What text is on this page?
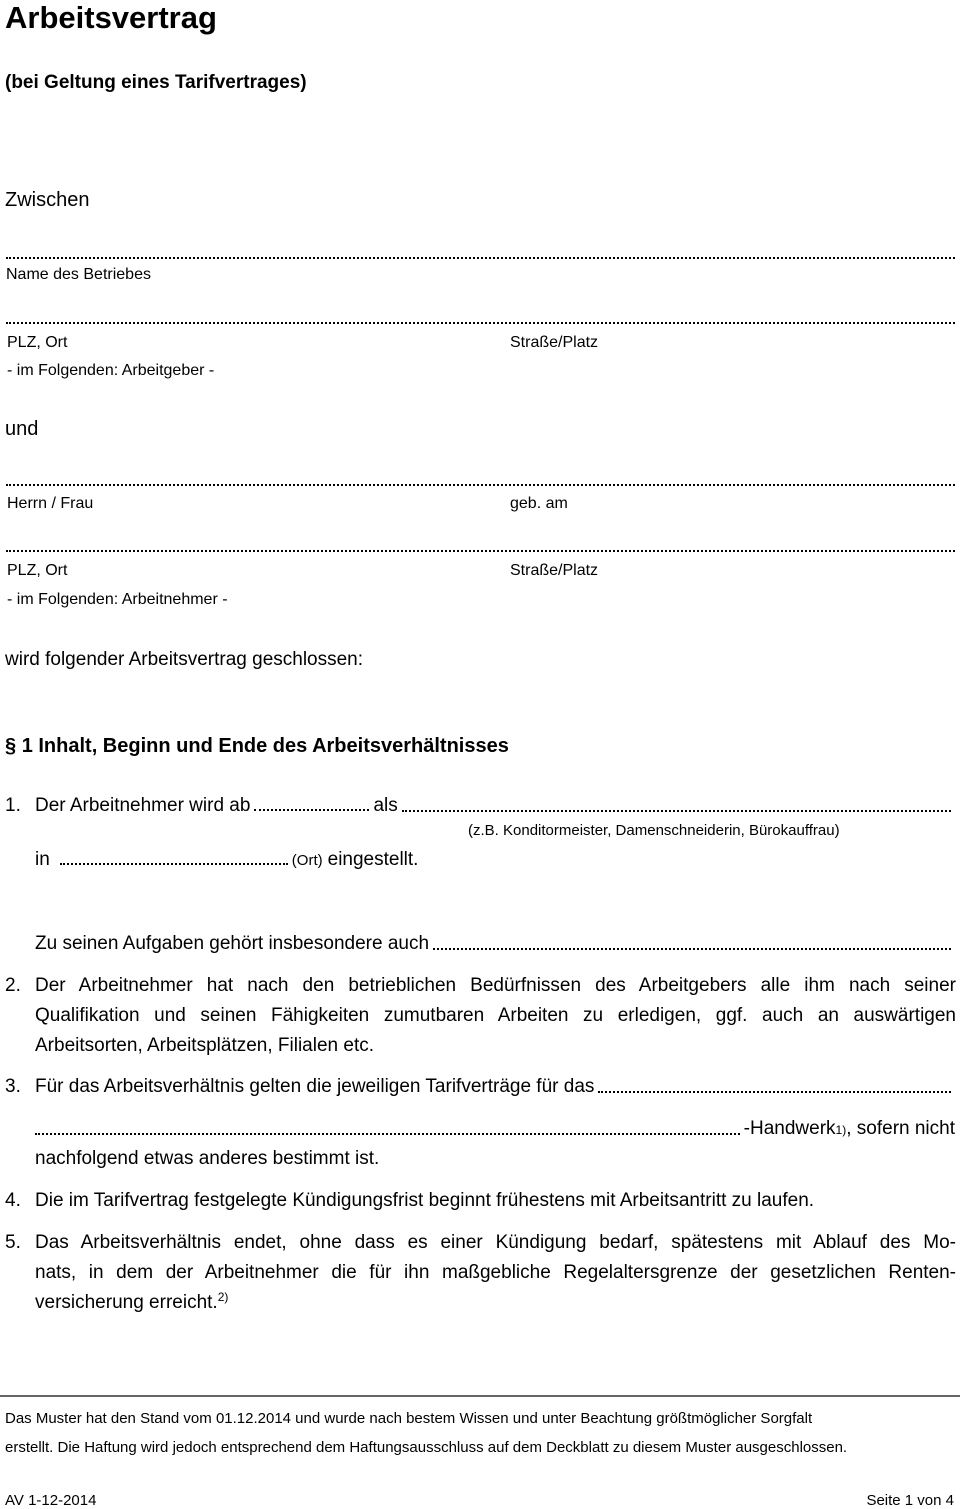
Arbeitsvertrag
(bei Geltung eines Tarifvertrages)
Zwischen
Name des Betriebes
PLZ, Ort	Straße/Platz
- im Folgenden: Arbeitgeber -
und
Herrn / Frau	geb. am
PLZ, Ort	Straße/Platz
- im Folgenden: Arbeitnehmer -
wird folgender Arbeitsvertrag geschlossen:
§ 1 Inhalt, Beginn und Ende des Arbeitsverhältnisses
1. Der Arbeitnehmer wird ab	als
(z.B. Konditormeister, Damenschneiderin, Bürokauffrau)
in	(Ort) eingestellt.
Zu seinen Aufgaben gehört insbesondere auch
2. Der Arbeitnehmer hat nach den betrieblichen Bedürfnissen des Arbeitgebers alle ihm nach seiner
Qualifikation und seinen Fähigkeiten zumutbaren Arbeiten zu erledigen, ggf. auch an auswärtigen
Arbeitsorten, Arbeitsplätzen, Filialen etc.
3. Für das Arbeitsverhältnis gelten die jeweiligen Tarifverträge für das
-Handwerk 1) , sofern nicht
nachfolgend etwas anderes bestimmt ist.
4. Die im Tarifvertrag festgelegte Kündigungsfrist beginnt frühestens mit Arbeitsantritt zu laufen.
5. Das Arbeitsverhältnis endet, ohne dass es einer Kündigung bedarf, spätestens mit Ablauf des Mo-
nats, in dem der Arbeitnehmer die für ihn maßgebliche Regelaltersgrenze der gesetzlichen Renten-
versicherung erreicht.$^{2)}$
Das Muster hat den Stand vom 01.12.2014 und wurde nach bestem Wissen und unter Beachtung größtmöglicher Sorgfalt
erstellt. Die Haftung wird jedoch entsprechend dem Haftungsausschluss auf dem Deckblatt zu diesem Muster ausgeschlossen.
AV 1-12-2014	Seite 1 von 4
